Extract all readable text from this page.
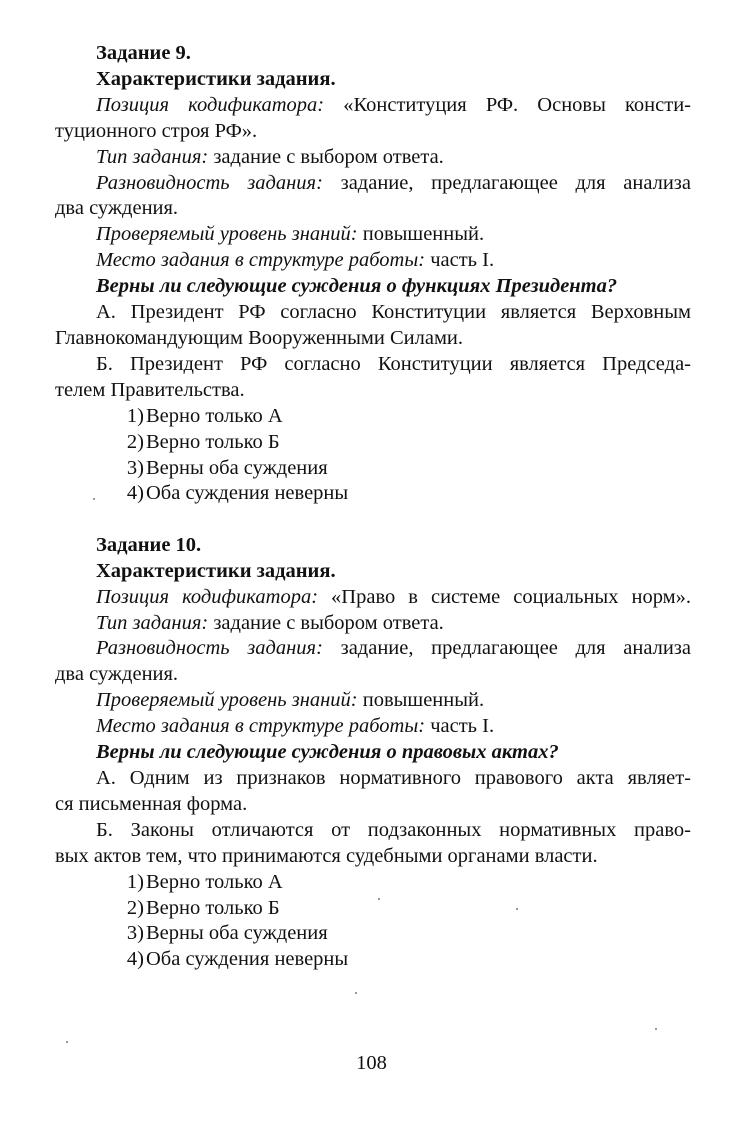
Задание 9.
Характеристики задания.
Позиция кодификатора: «Конституция РФ. Основы консти-
туционного строя РФ».
Тип задания: задание с выбором ответа.
Разновидность задания: задание, предлагающее для анализа
два суждения.
Проверяемый уровень знаний: повышенный.
Место задания в структуре работы: часть I.
Верны ли следующие суждения о функциях Президента?
А. Президент РФ согласно Конституции является Верховным
Главнокомандующим Вооруженными Силами.
Б. Президент РФ согласно Конституции является Председа-
телем Правительства.
1) Верно только А
2) Верно только Б
3) Верны оба суждения
4) Оба суждения неверны
Задание 10.
Характеристики задания.
Позиция кодификатора: «Право в системе социальных норм».
Тип задания: задание с выбором ответа.
Разновидность задания: задание, предлагающее для анализа
два суждения.
Проверяемый уровень знаний: повышенный.
Место задания в структуре работы: часть I.
Верны ли следующие суждения о правовых актах?
А. Одним из признаков нормативного правового акта являет-
ся письменная форма.
Б. Законы отличаются от подзаконных нормативных право-
вых актов тем, что принимаются судебными органами власти.
1) Верно только А
2) Верно только Б
3) Верны оба суждения
4) Оба суждения неверны
108
